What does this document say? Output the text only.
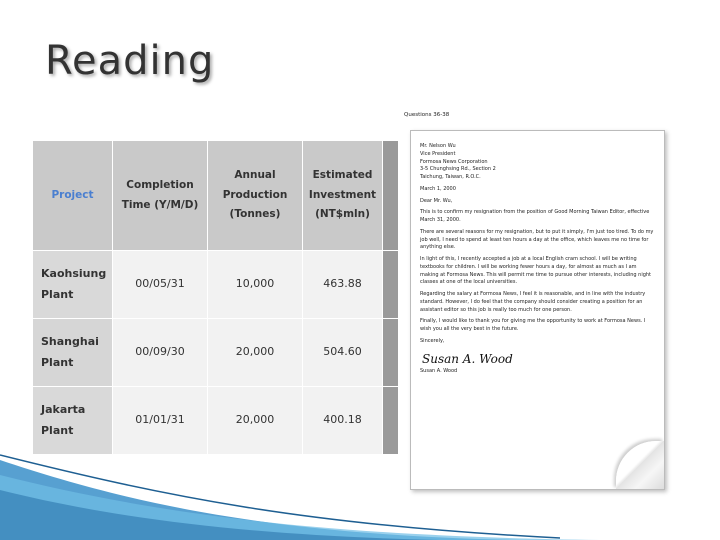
Reading
Project	Completion Time (Y/M/D)	Annual Production (Tonnes)	Estimated Investment (NT$mln)	
Kaohsiung Plant	00/05/31	10,000	463.88	
Shanghai Plant	00/09/30	20,000	504.60	
Jakarta Plant	01/01/31	20,000	400.18	
Questions 36-38

Mr. Nelson Wu
Vice President
Formosa News Corporation
3-5 Chunghsing Rd., Section 2
Taichung, Taiwan, R.O.C.

March 1, 2000

Dear Mr. Wu,

This is to confirm my resignation from the position of Good Morning Taiwan Editor, effective March 31, 2000.

There are several reasons for my resignation, but to put it simply, I'm just too tired. To do my job well, I need to spend at least ten hours a day at the office, which leaves me no time for anything else.

In light of this, I recently accepted a job at a local English cram school. I will be writing textbooks for children. I will be working fewer hours a day, for almost as much as I am making at Formosa News. This will permit me time to pursue other interests, including night classes at one of the local universities.

Regarding the salary at Formosa News, I feel it is reasonable, and in line with the industry standard. However, I do feel that the company should consider creating a position for an assistant editor so this job is really too much for one person.

Finally, I would like to thank you for giving me the opportunity to work at Formosa News. I wish you all the very best in the future.

Sincerely,

Susan A. Wood

Susan A. Wood
